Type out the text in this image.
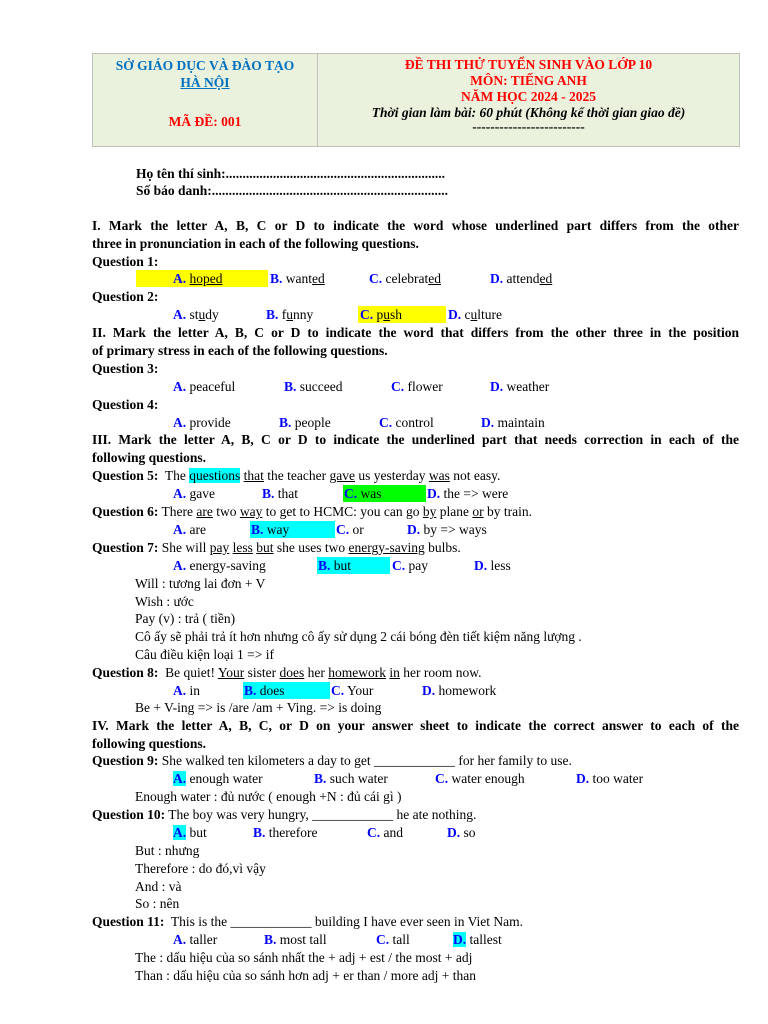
SỞ GIÁO DỤC VÀ ĐÀO TẠO
HÀ NỘI
MÃ ĐỀ: 001
ĐỀ THI THỬ TUYỂN SINH VÀO LỚP 10
MÔN: TIẾNG ANH
NĂM HỌC 2024 - 2025
Thời gian làm bài: 60 phút (Không kể thời gian giao đề)
-------------------------
Họ tên thí sinh:.................................................................
Số báo danh:......................................................................
I. Mark the letter A, B, C or D to indicate the word whose underlined part differs from the other
three in pronunciation in each of the following questions.
Question 1:
A. hoped	B. wanted	C. celebrated	D. attended
Question 2:
A. study	B. funny	C. push	D. culture
II. Mark the letter A, B, C or D to indicate the word that differs from the other three in the position
of primary stress in each of the following questions.
Question 3:
A. peaceful	B. succeed	C. flower	D. weather
Question 4:
A. provide	B. people	C. control	D. maintain
III. Mark the letter A, B, C or D to indicate the underlined part that needs correction in each of the
following questions.
Question 5: The questions that the teacher gave us yesterday was not easy.
A. gave	B. that	C. was	D. the => were
Question 6: There are two way to get to HCMC: you can go by plane or by train.
A. are	B. way	C. or	D. by => ways
Question 7: She will pay less but she uses two energy-saving bulbs.
A. energy-saving	B. but	C. pay	D. less
Will : tương lai đơn + V
Wish : ước
Pay (v) : trả ( tiền)
Cô ấy sẽ phải trả ít hơn nhưng cô ấy sử dụng 2 cái bóng đèn tiết kiệm năng lượng .
Câu điều kiện loại 1 => if
Question 8: Be quiet! Your sister does her homework in her room now.
A. in	B. does	C. Your	D. homework
Be + V-ing => is /are /am + Ving. => is doing
IV. Mark the letter A, B, C, or D on your answer sheet to indicate the correct answer to each of the
following questions.
Question 9: She walked ten kilometers a day to get ____________ for her family to use.
A. enough water	B. such water	C. water enough	D. too water
Enough water : đủ nước ( enough +N : đủ cái gì )
Question 10: The boy was very hungry, ____________ he ate nothing.
A. but	B. therefore	C. and	D. so
But : nhưng
Therefore : do đó,vì vậy
And : và
So : nên
Question 11: This is the ____________ building I have ever seen in Viet Nam.
A. taller	B. most tall	C. tall	D. tallest
The : dấu hiệu của so sánh nhất the + adj + est / the most + adj
Than : dấu hiệu của so sánh hơn adj + er than / more adj + than
